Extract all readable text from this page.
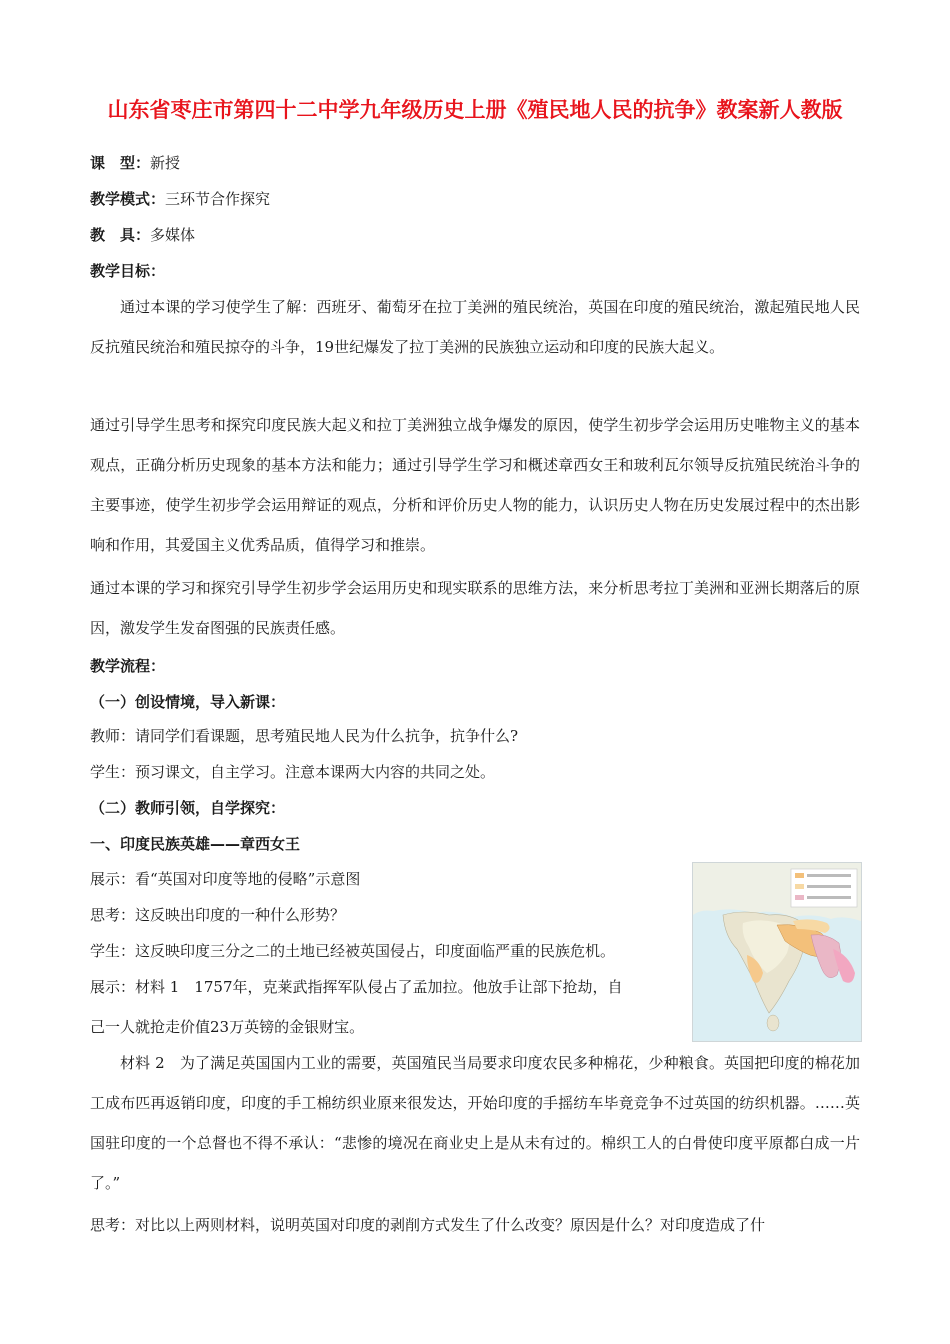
山东省枣庄市第四十二中学九年级历史上册《殖民地人民的抗争》教案新人教版
课　型：新授
教学模式：三环节合作探究
教　具：多媒体
教学目标：
通过本课的学习使学生了解：西班牙、葡萄牙在拉丁美洲的殖民统治，英国在印度的殖民统治，激起殖民地人民反抗殖民统治和殖民掠夺的斗争，19世纪爆发了拉丁美洲的民族独立运动和印度的民族大起义。
通过引导学生思考和探究印度民族大起义和拉丁美洲独立战争爆发的原因，使学生初步学会运用历史唯物主义的基本观点，正确分析历史现象的基本方法和能力；通过引导学生学习和概述章西女王和玻利瓦尔领导反抗殖民统治斗争的主要事迹，使学生初步学会运用辩证的观点，分析和评价历史人物的能力，认识历史人物在历史发展过程中的杰出影响和作用，其爱国主义优秀品质，值得学习和推崇。
通过本课的学习和探究引导学生初步学会运用历史和现实联系的思维方法，来分析思考拉丁美洲和亚洲长期落后的原因，激发学生发奋图强的民族责任感。
教学流程：
（一）创设情境，导入新课：
教师：请同学们看课题，思考殖民地人民为什么抗争，抗争什么?
学生：预习课文，自主学习。注意本课两大内容的共同之处。
（二）教师引领，自学探究：
一、印度民族英雄——章西女王
展示：看“英国对印度等地的侵略”示意图
思考：这反映出印度的一种什么形势？
学生：这反映印度三分之二的土地已经被英国侵占，印度面临严重的民族危机。
展示：材料 1　1757年，克莱武指挥军队侵占了孟加拉。他放手让部下抢劫，自
己一人就抢走价值23万英镑的金银财宝。
材料 2　为了满足英国国内工业的需要，英国殖民当局要求印度农民多种棉花，少种粮食。英国把印度的棉花加工成布匹再返销印度，印度的手工棉纺织业原来很发达，开始印度的手摇纺车毕竟竞争不过英国的纺织机器。……英国驻印度的一个总督也不得不承认：“悲惨的境况在商业史上是从未有过的。棉织工人的白骨使印度平原都白成一片了。”
思考：对比以上两则材料，说明英国对印度的剥削方式发生了什么改变？原因是什么？对印度造成了什
